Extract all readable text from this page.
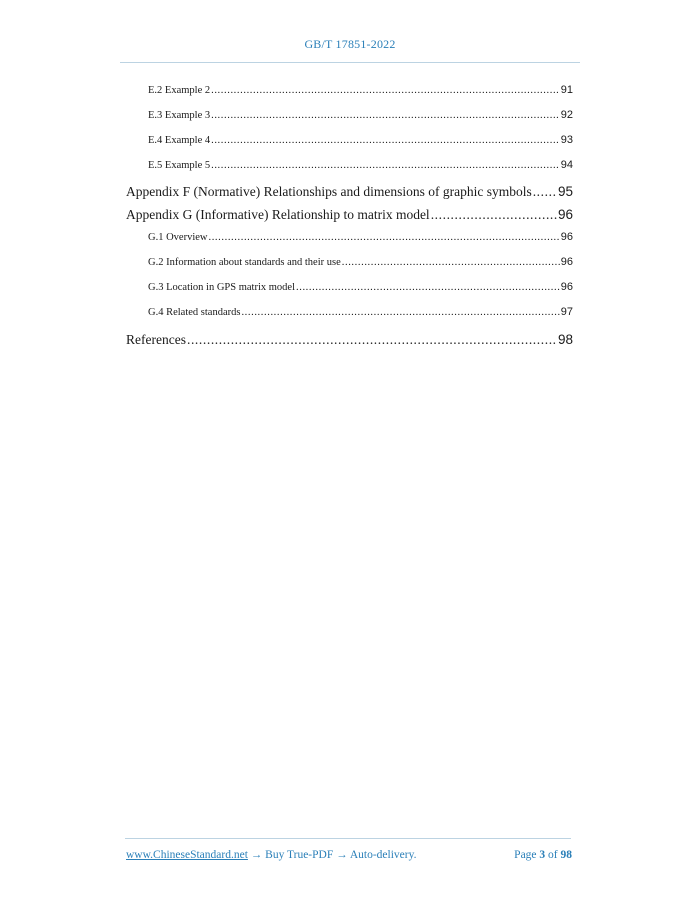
GB/T 17851-2022
E.2 Example 2 .....	91
E.3 Example 3 .....	92
E.4 Example 4 .....	93
E.5 Example 5 .....	94
Appendix F (Normative) Relationships and dimensions of graphic symbols ..... 95
Appendix G (Informative) Relationship to matrix model .....	96
G.1 Overview .....	96
G.2 Information about standards and their use .....	96
G.3 Location in GPS matrix model .....	96
G.4 Related standards .....	97
References .....	98
www.ChineseStandard.net → Buy True-PDF → Auto-delivery.	Page 3 of 98
